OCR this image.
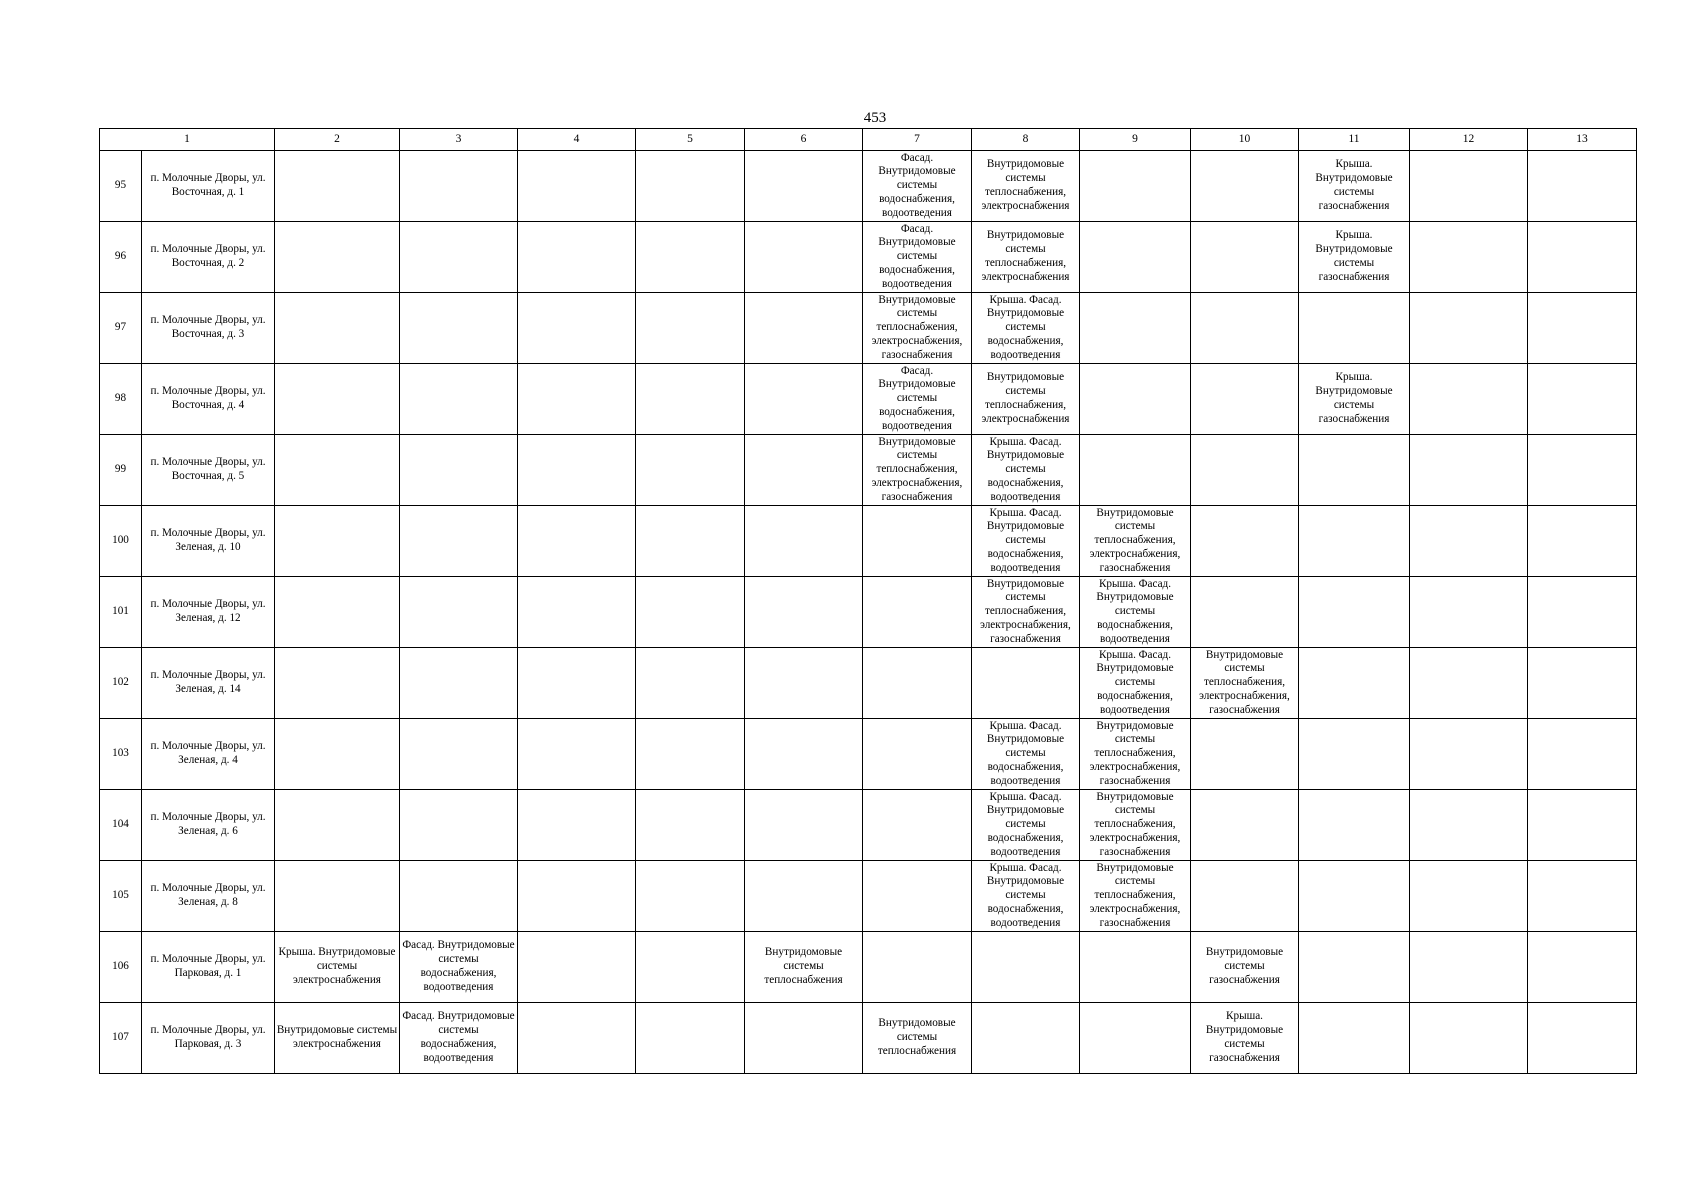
453
1		2	3	4	5	6	7	8	9	10	11	12	13
95	п. Молочные Дворы, ул. Восточная, д. 1						Фасад. Внутридомовые системы водоснабжения, водоотведения	Внутридомовые системы теплоснабжения, электроснабжения			Крыша. Внутридомовые системы газоснабжения		
96	п. Молочные Дворы, ул. Восточная, д. 2						Фасад. Внутридомовые системы водоснабжения, водоотведения	Внутридомовые системы теплоснабжения, электроснабжения			Крыша. Внутридомовые системы газоснабжения		
97	п. Молочные Дворы, ул. Восточная, д. 3						Внутридомовые системы теплоснабжения, электроснабжения, газоснабжения	Крыша. Фасад. Внутридомовые системы водоснабжения, водоотведения					
98	п. Молочные Дворы, ул. Восточная, д. 4						Фасад. Внутридомовые системы водоснабжения, водоотведения	Внутридомовые системы теплоснабжения, электроснабжения			Крыша. Внутридомовые системы газоснабжения		
99	п. Молочные Дворы, ул. Восточная, д. 5						Внутридомовые системы теплоснабжения, электроснабжения, газоснабжения	Крыша. Фасад. Внутридомовые системы водоснабжения, водоотведения					
100	п. Молочные Дворы, ул. Зеленая, д. 10							Крыша. Фасад. Внутридомовые системы водоснабжения, водоотведения	Внутридомовые системы теплоснабжения, электроснабжения, газоснабжения				
101	п. Молочные Дворы, ул. Зеленая, д. 12							Внутридомовые системы теплоснабжения, электроснабжения, газоснабжения	Крыша. Фасад. Внутридомовые системы водоснабжения, водоотведения				
102	п. Молочные Дворы, ул. Зеленая, д. 14								Крыша. Фасад. Внутридомовые системы водоснабжения, водоотведения	Внутридомовые системы теплоснабжения, электроснабжения, газоснабжения			
103	п. Молочные Дворы, ул. Зеленая, д. 4							Крыша. Фасад. Внутридомовые системы водоснабжения, водоотведения	Внутридомовые системы теплоснабжения, электроснабжения, газоснабжения				
104	п. Молочные Дворы, ул. Зеленая, д. 6							Крыша. Фасад. Внутридомовые системы водоснабжения, водоотведения	Внутридомовые системы теплоснабжения, электроснабжения, газоснабжения				
105	п. Молочные Дворы, ул. Зеленая, д. 8							Крыша. Фасад. Внутридомовые системы водоснабжения, водоотведения	Внутридомовые системы теплоснабжения, электроснабжения, газоснабжения				
106	п. Молочные Дворы, ул. Парковая, д. 1	Крыша. Внутридомовые системы электроснабжения	Фасад. Внутридомовые системы водоснабжения, водоотведения			Внутридомовые системы теплоснабжения				Внутридомовые системы газоснабжения			
107	п. Молочные Дворы, ул. Парковая, д. 3	Внутридомовые системы электроснабжения	Фасад. Внутридомовые системы водоснабжения, водоотведения				Внутридомовые системы теплоснабжения			Крыша. Внутридомовые системы газоснабжения			
